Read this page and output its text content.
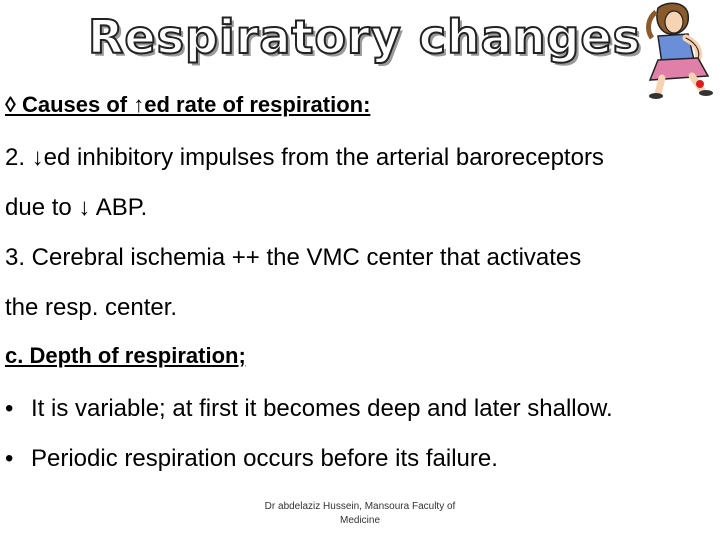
Respiratory changes
◊ Causes of ↑ed rate of respiration:
2. ↓ed inhibitory impulses from the arterial baroreceptors
due to ↓ ABP.
3. Cerebral ischemia ++ the VMC center that activates
the resp. center.
c. Depth of respiration;
• It is variable; at first it becomes deep and later shallow.
• Periodic respiration occurs before its failure.
Dr abdelaziz Hussein, Mansoura Faculty of
Medicine
